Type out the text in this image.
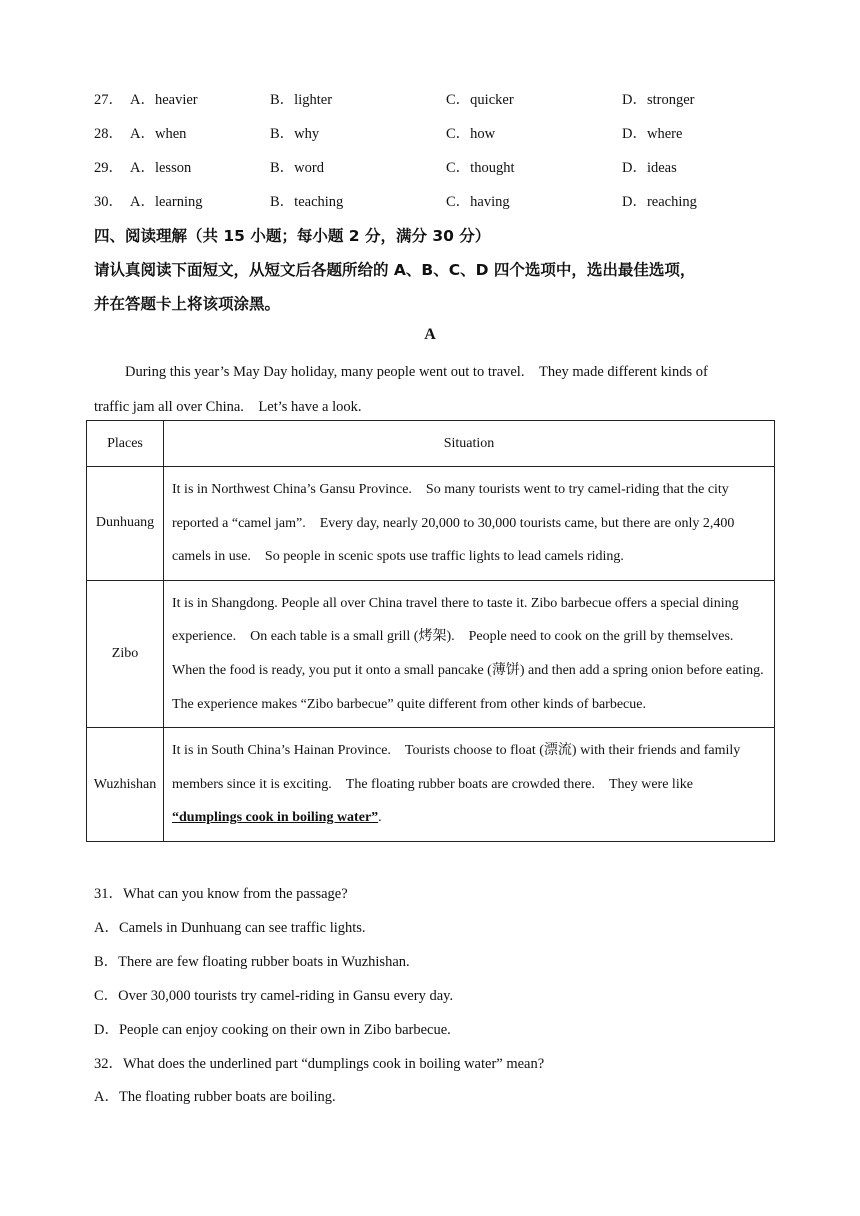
27． A．heavier	B．lighter	C．quicker	D．stronger
28． A．when	B．why	C．how	D．where
29． A．lesson	B．word	C．thought	D．ideas
30． A．learning	B．teaching	C．having	D．reaching
四、阅读理解（共 15 小题；每小题 2 分，满分 30 分）
请认真阅读下面短文，从短文后各题所给的 A、B、C、D 四个选项中，选出最佳选项，
并在答题卡上将该项涂黑。
A
During this year’s May Day holiday, many people went out to travel.　They made different kinds of
traffic jam all over China.　Let’s have a look.
Places	Situation
Dunhuang	It is in Northwest China’s Gansu Province.　So many tourists went to try camel-riding that the city reported a “camel jam”.　Every day, nearly 20,000 to 30,000 tourists came, but there are only 2,400 camels in use.　So people in scenic spots use traffic lights to lead camels riding.
Zibo	It is in Shangdong. People all over China travel there to taste it. Zibo barbecue offers a special dining experience.　On each table is a small grill (烤架).　People need to cook on the grill by themselves.　When the food is ready, you put it onto a small pancake (薄饼) and then add a spring onion before eating.　The experience makes “Zibo barbecue” quite different from other kinds of barbecue.
Wuzhishan	It is in South China’s Hainan Province.　Tourists choose to float (漂流) with their friends and family members since it is exciting.　The floating rubber boats are crowded there.　They were like “dumplings cook in boiling water”.
31．What can you know from the passage?
A．Camels in Dunhuang can see traffic lights.
B．There are few floating rubber boats in Wuzhishan.
C．Over 30,000 tourists try camel-riding in Gansu every day.
D．People can enjoy cooking on their own in Zibo barbecue.
32．What does the underlined part “dumplings cook in boiling water” mean?
A．The floating rubber boats are boiling.
